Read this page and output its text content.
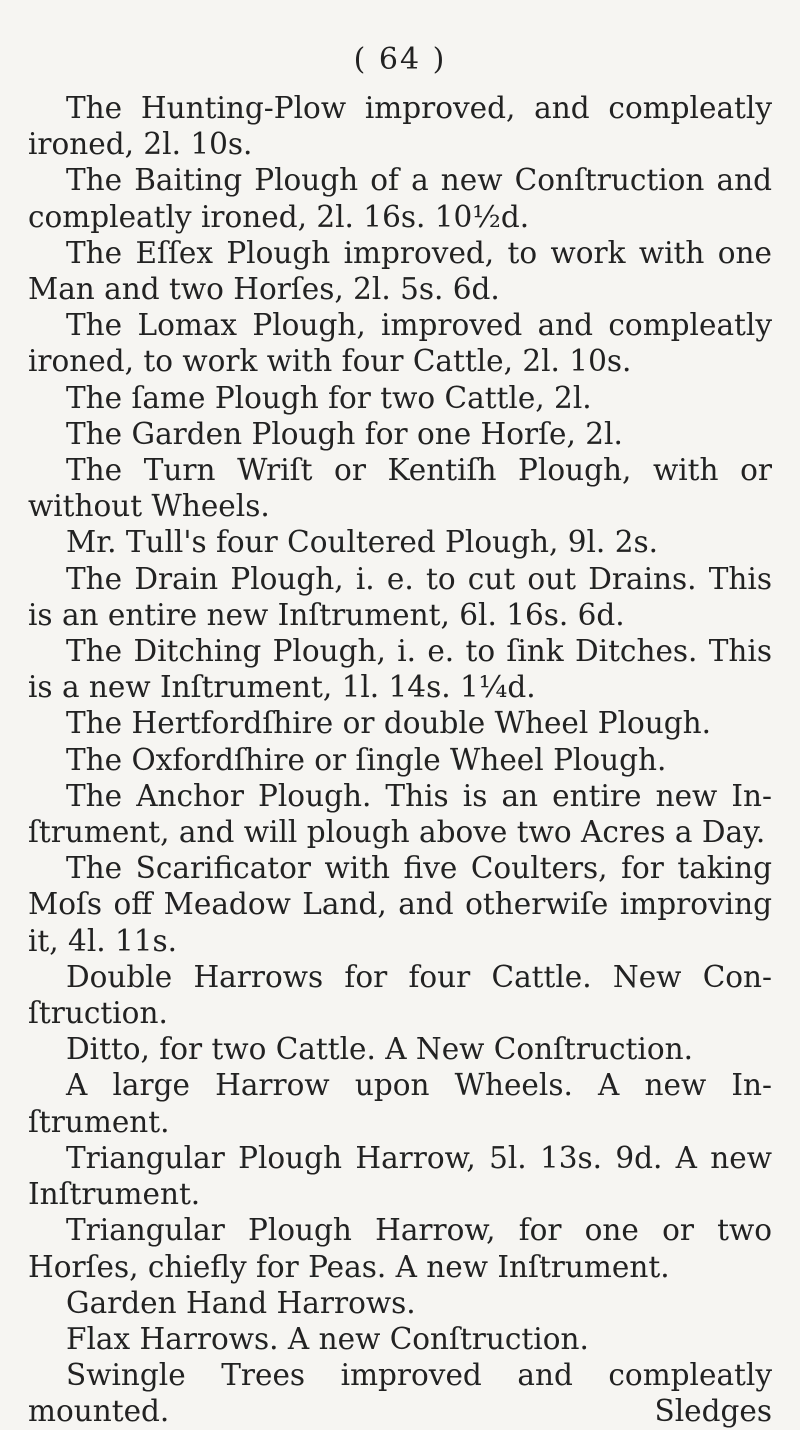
( 64 )

The Hunting-Plow improved, and compleatly ironed, 2l. 10s.

The Baiting Plough of a new Conſtruction and compleatly ironed, 2l. 16s. 10½d.

The Eſſex Plough improved, to work with one Man and two Horſes, 2l. 5s. 6d.

The Lomax Plough, improved and compleatly ironed, to work with four Cattle, 2l. 10s.

The ſame Plough for two Cattle, 2l.

The Garden Plough for one Horſe, 2l.

The Turn Wriſt or Kentiſh Plough, with or without Wheels.

Mr. Tull's four Coultered Plough, 9l. 2s.

The Drain Plough, i. e. to cut out Drains. This is an entire new Inſtrument, 6l. 16s. 6d.

The Ditching Plough, i. e. to ſink Ditches. This is a new Inſtrument, 1l. 14s. 1¼d.

The Hertfordſhire or double Wheel Plough.

The Oxfordſhire or ſingle Wheel Plough.

The Anchor Plough. This is an entire new Inſtrument, and will plough above two Acres a Day.

The Scarificator with five Coulters, for taking Moſs off Meadow Land, and otherwiſe improving it, 4l. 11s.

Double Harrows for four Cattle. New Conſtruction.

Ditto, for two Cattle. A New Conſtruction.

A large Harrow upon Wheels. A new Inſtrument.

Triangular Plough Harrow, 5l. 13s. 9d. A new Inſtrument.

Triangular Plough Harrow, for one or two Horſes, chiefly for Peas. A new Inſtrument.

Garden Hand Harrows.

Flax Harrows. A new Conſtruction.

Swingle Trees improved and compleatly mounted. Sledges
